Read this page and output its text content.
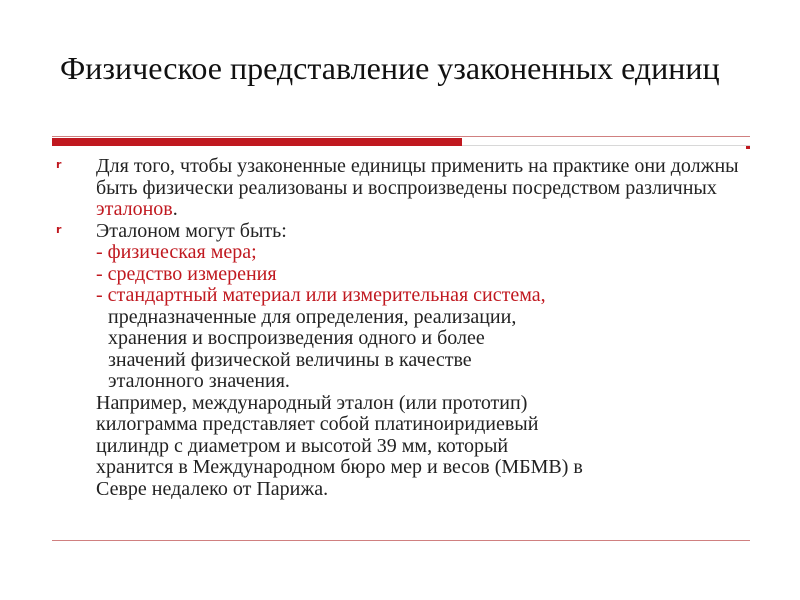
Физическое представление узаконенных единиц
r	Для того, чтобы узаконенные единицы применить на практике они должны быть физически реализованы и воспроизведены посредством различных эталонов.
r	Эталоном могут быть:
- физическая мера;
- средство измерения
- стандартный материал или измерительная система,
предназначенные для определения, реализации,
хранения и воспроизведения одного и более
значений физической величины в качестве
эталонного значения.
Например, международный эталон (или прототип)
килограмма представляет собой платиноиридиевый
цилиндр с диаметром и высотой 39 мм, который
хранится в Международном бюро мер и весов (МБМВ) в
Севре недалеко от Парижа.
